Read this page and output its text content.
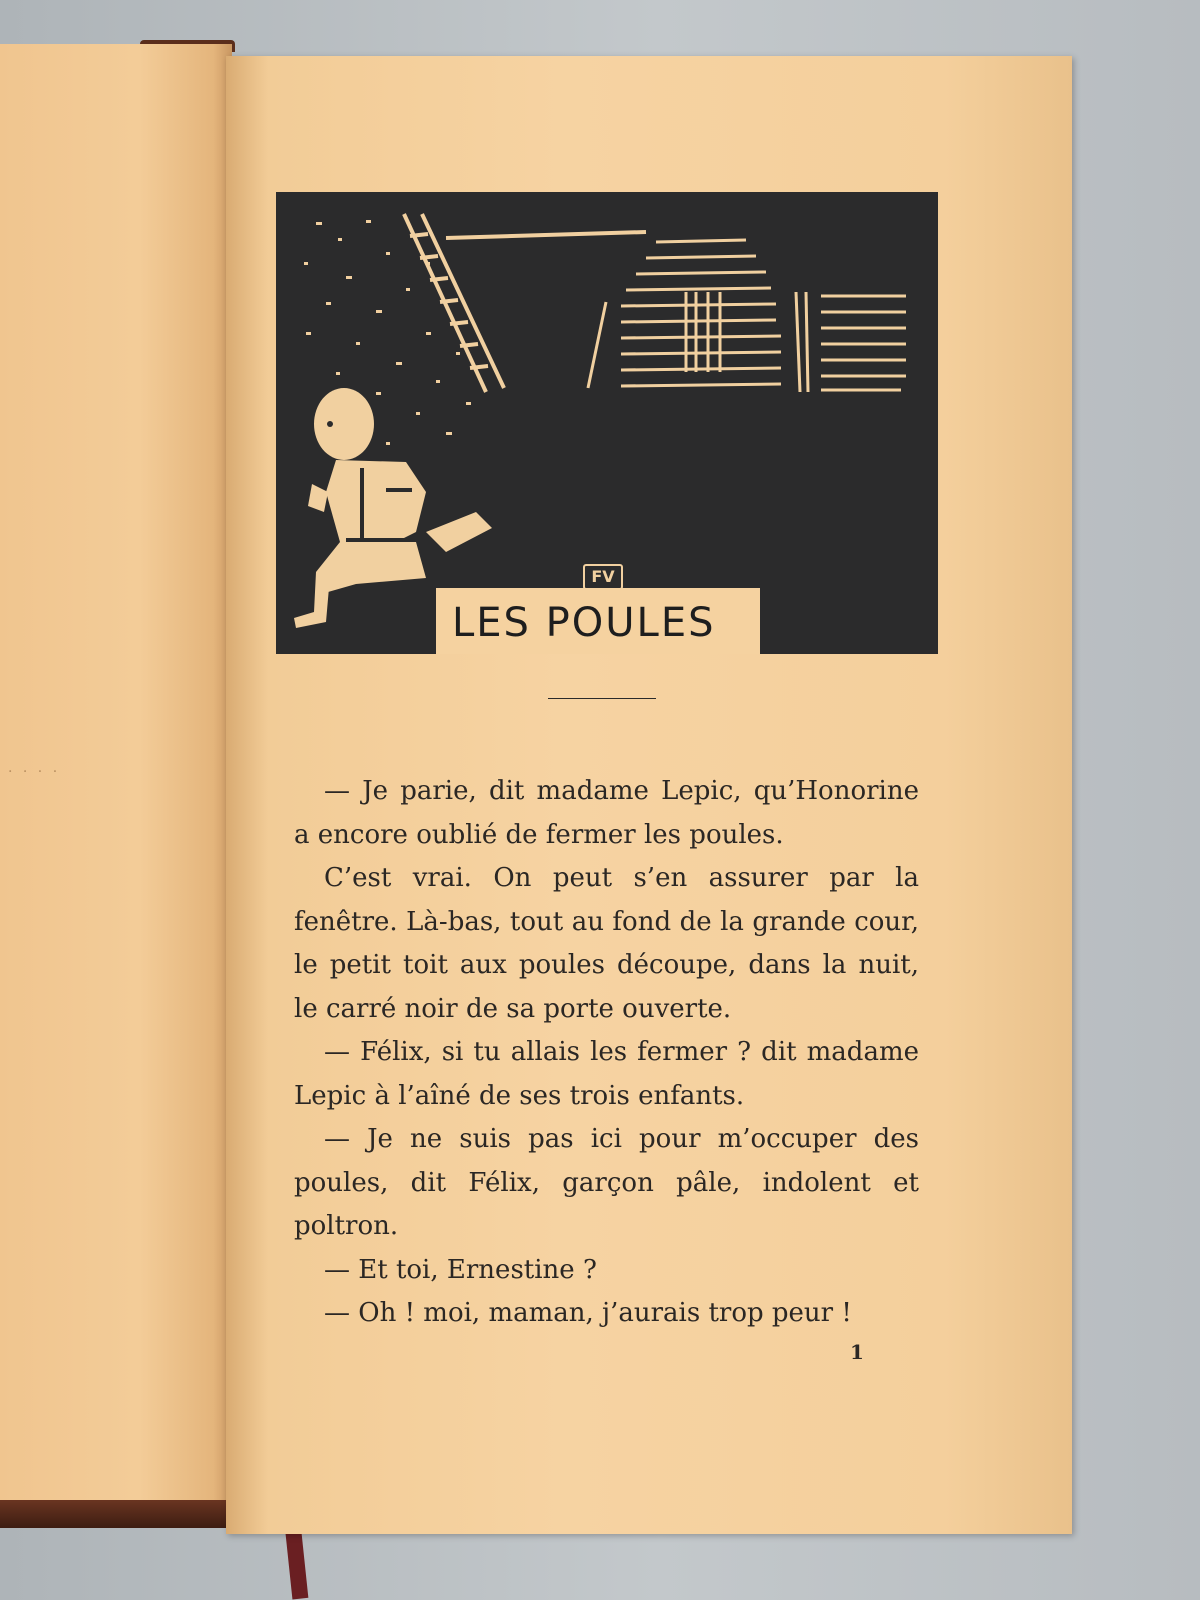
· · · ·
FV
LES POULES

— Je parie, dit madame Lepic, qu’Honorine a encore oublié de fermer les poules.

C’est vrai. On peut s’en assurer par la fenêtre. Là-bas, tout au fond de la grande cour, le petit toit aux poules découpe, dans la nuit, le carré noir de sa porte ouverte.

— Félix, si tu allais les fermer ? dit madame Lepic à l’aîné de ses trois enfants.

— Je ne suis pas ici pour m’occuper des poules, dit Félix, garçon pâle, indolent et poltron.

— Et toi, Ernestine ?

— Oh ! moi, maman, j’aurais trop peur !

1
